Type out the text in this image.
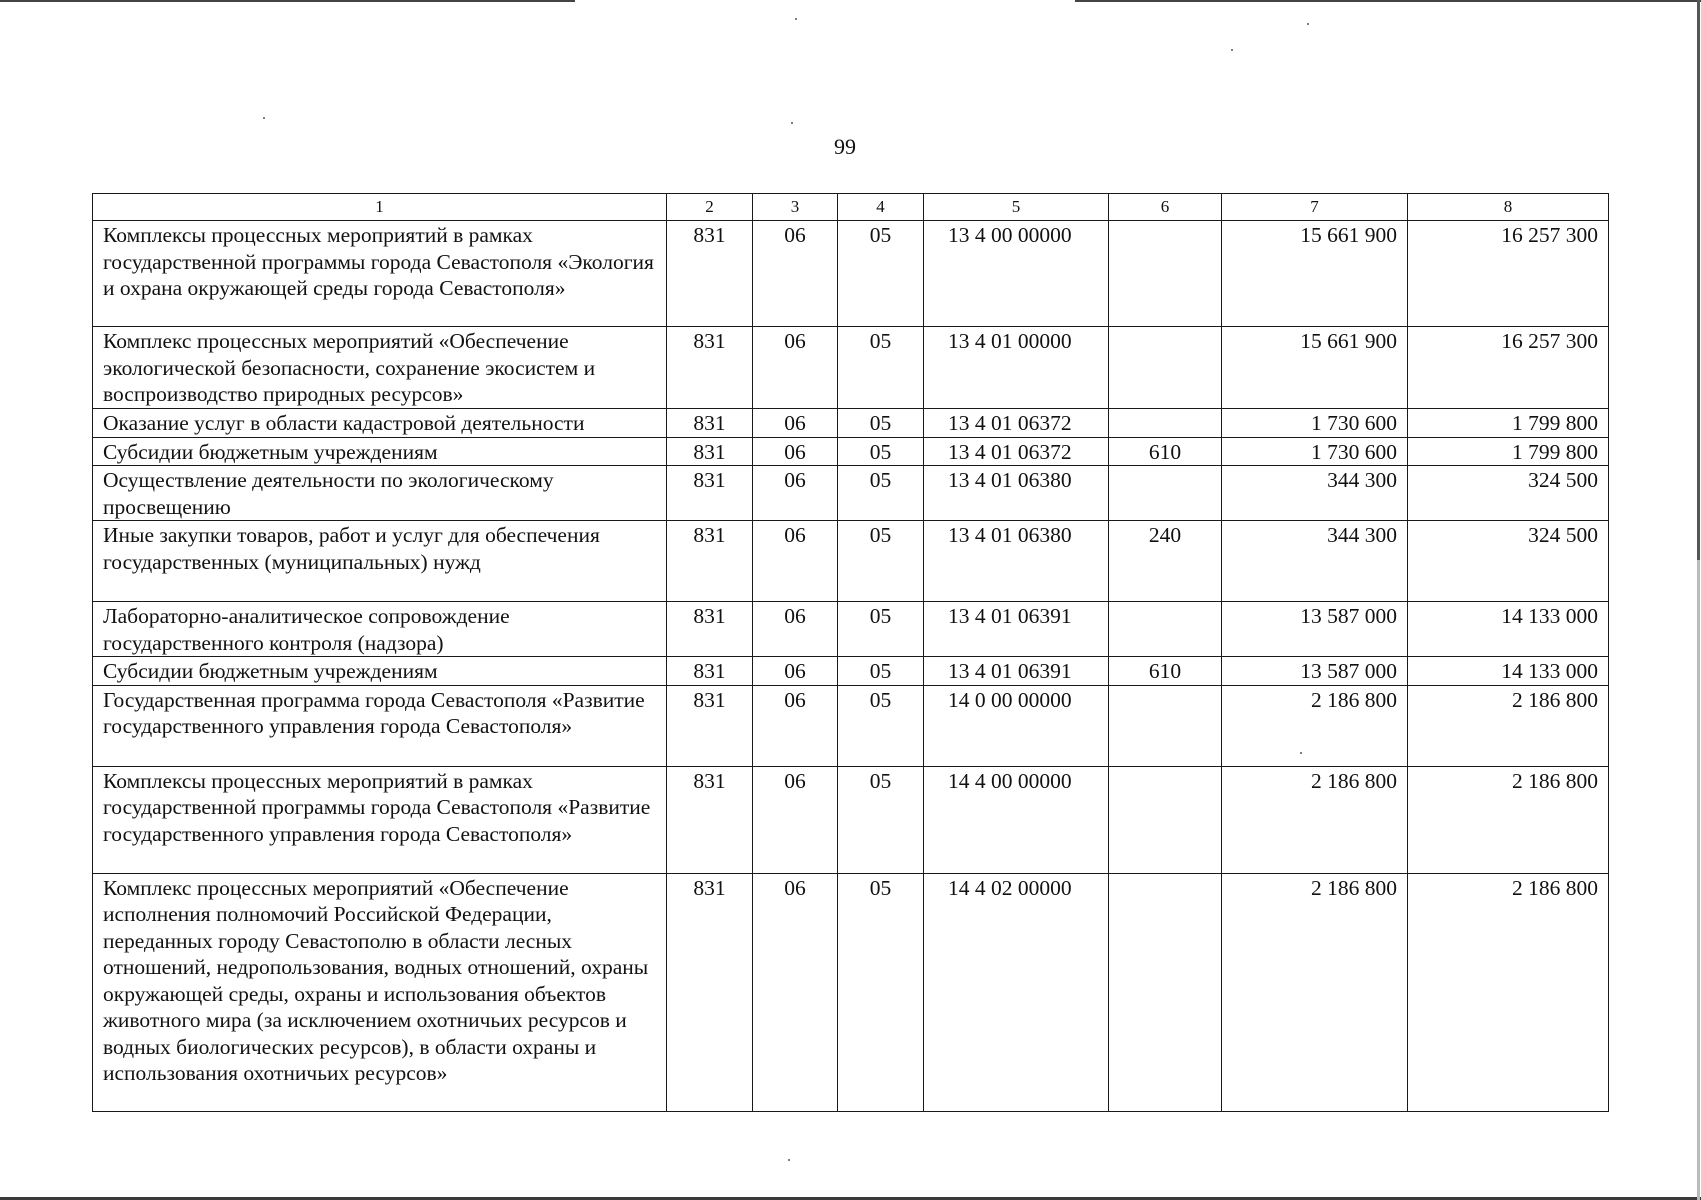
99
1	2	3	4	5	6	7	8
Комплексы процессных мероприятий в рамках государственной программы города Севастополя «Экология и охрана окружающей среды города Севастополя»	831	06	05	13 4 00 00000		15 661 900	16 257 300
Комплекс процессных мероприятий «Обеспечение экологической безопасности, сохранение экосистем и воспроизводство природных ресурсов»	831	06	05	13 4 01 00000		15 661 900	16 257 300
Оказание услуг в области кадастровой деятельности	831	06	05	13 4 01 06372		1 730 600	1 799 800
Субсидии бюджетным учреждениям	831	06	05	13 4 01 06372	610	1 730 600	1 799 800
Осуществление деятельности по экологическому просвещению	831	06	05	13 4 01 06380		344 300	324 500
Иные закупки товаров, работ и услуг для обеспечения государственных (муниципальных) нужд	831	06	05	13 4 01 06380	240	344 300	324 500
Лабораторно-аналитическое сопровождение государственного контроля (надзора)	831	06	05	13 4 01 06391		13 587 000	14 133 000
Субсидии бюджетным учреждениям	831	06	05	13 4 01 06391	610	13 587 000	14 133 000
Государственная программа города Севастополя «Развитие государственного управления города Севастополя»	831	06	05	14 0 00 00000		2 186 800	2 186 800
Комплексы процессных мероприятий в рамках государственной программы города Севастополя «Развитие государственного управления города Севастополя»	831	06	05	14 4 00 00000		2 186 800	2 186 800
Комплекс процессных мероприятий «Обеспечение исполнения полномочий Российской Федерации, переданных городу Севастополю в области лесных отношений, недропользования, водных отношений, охраны окружающей среды, охраны и использования объектов животного мира (за исключением охотничьих ресурсов и водных биологических ресурсов), в области охраны и использования охотничьих ресурсов»	831	06	05	14 4 02 00000		2 186 800	2 186 800
